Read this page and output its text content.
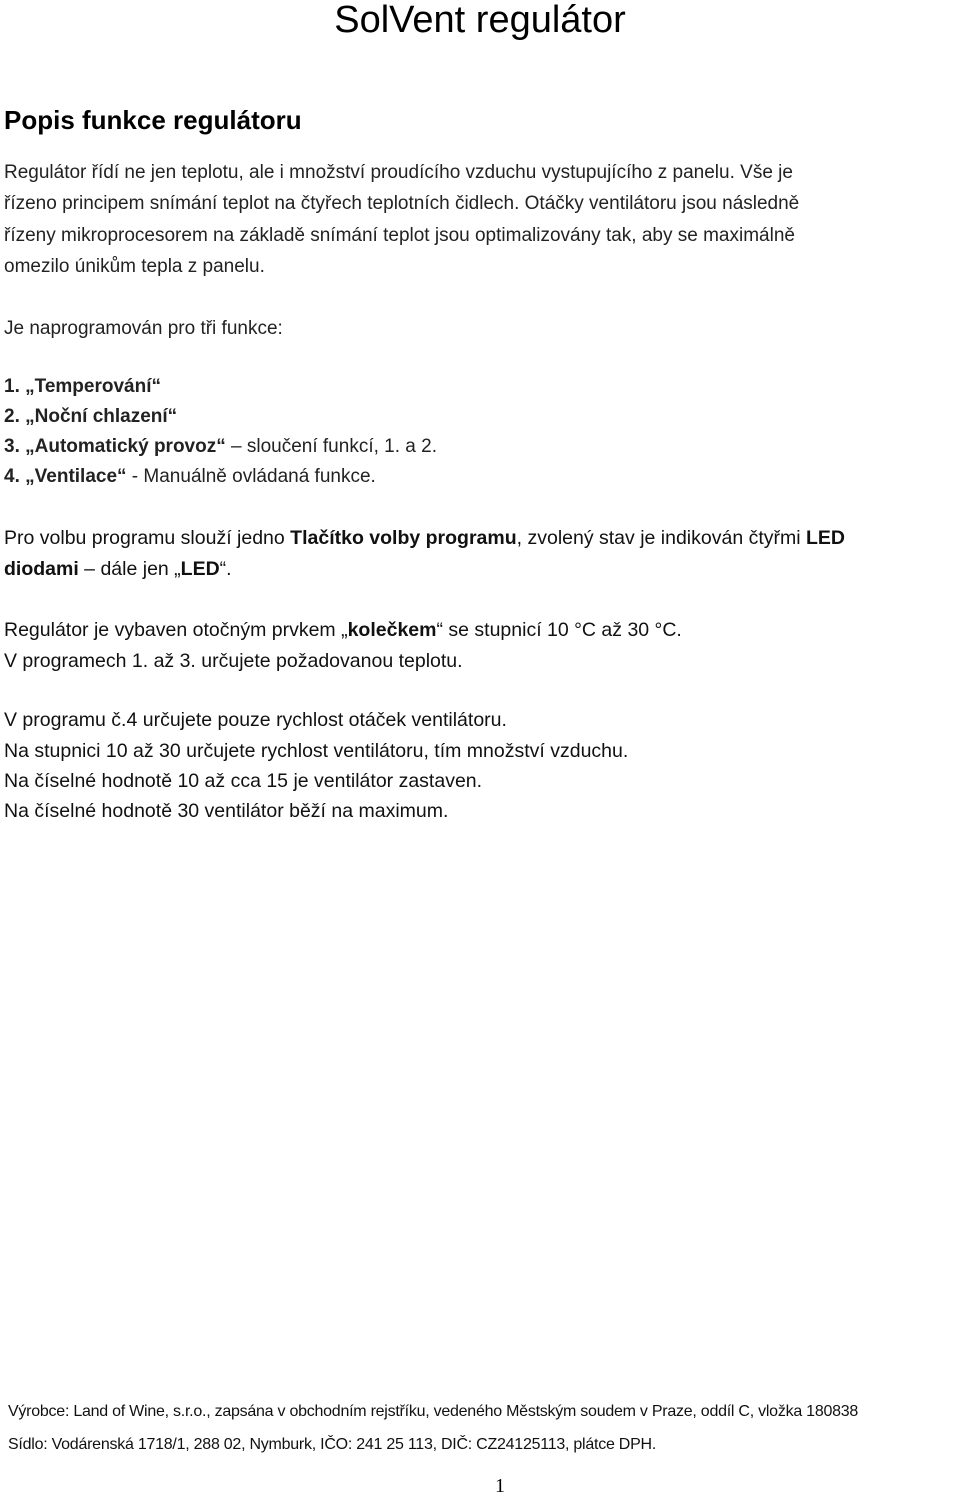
SolVent regulátor
Popis funkce regulátoru
Regulátor řídí ne jen teplotu, ale i množství proudícího vzduchu vystupujícího z panelu. Vše je
řízeno principem snímání teplot na čtyřech teplotních čidlech. Otáčky ventilátoru jsou následně
řízeny mikroprocesorem na základě snímání teplot jsou optimalizovány tak, aby se maximálně
omezilo únikům tepla z panelu.
Je naprogramován pro tři funkce:
1. „Temperování“
2. „Noční chlazení“
3. „Automatický provoz“ – sloučení funkcí, 1. a 2.
4. „Ventilace“ - Manuálně ovládaná funkce.
Pro volbu programu slouží jedno Tlačítko volby programu, zvolený stav je indikován čtyřmi LED
diodami – dále jen „LED“.
Regulátor je vybaven otočným prvkem „kolečkem“ se stupnicí 10 °C až 30 °C.
V programech 1. až 3. určujete požadovanou teplotu.
V programu č.4 určujete pouze rychlost otáček ventilátoru.
Na stupnici 10 až 30 určujete rychlost ventilátoru, tím množství vzduchu.
Na číselné hodnotě 10 až cca 15 je ventilátor zastaven.
Na číselné hodnotě 30 ventilátor běží na maximum.
Výrobce: Land of Wine, s.r.o., zapsána v obchodním rejstříku, vedeného Městským soudem v Praze, oddíl C, vložka 180838
Sídlo: Vodárenská 1718/1, 288 02, Nymburk, IČO: 241 25 113, DIČ: CZ24125113, plátce DPH.
1
